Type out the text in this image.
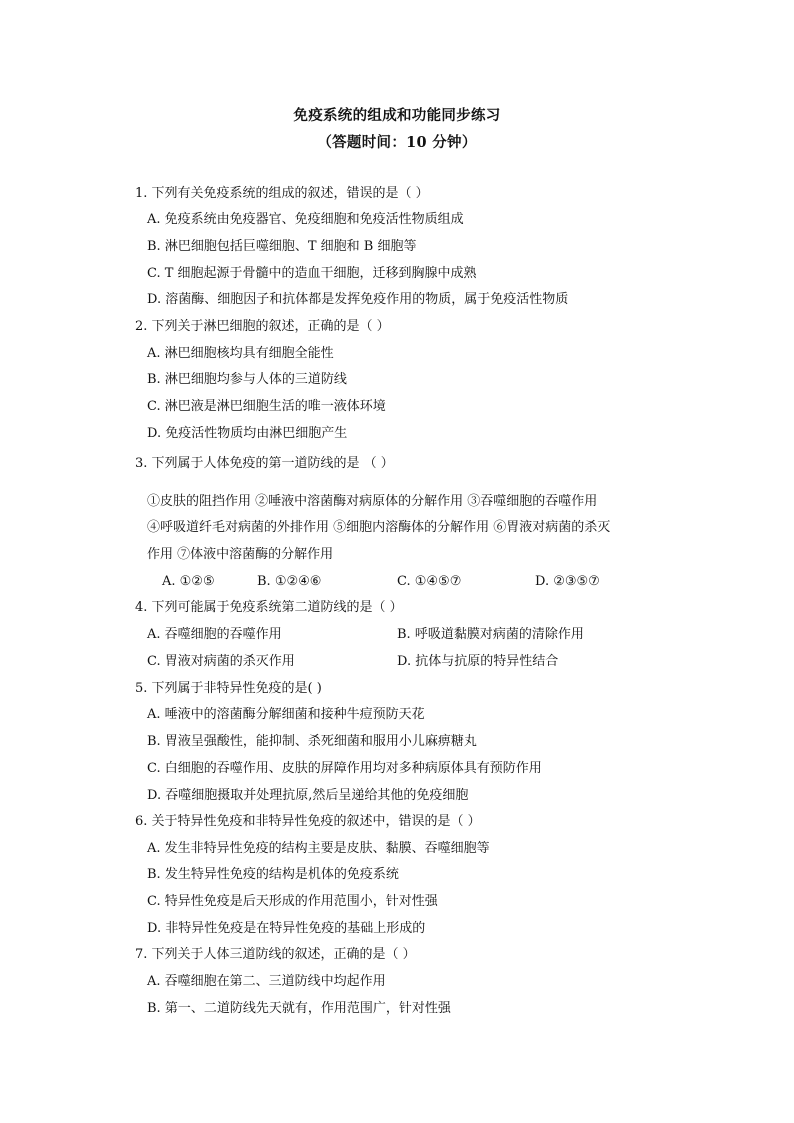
免疫系统的组成和功能同步练习
（答题时间：10 分钟）
1. 下列有关免疫系统的组成的叙述，错误的是（ ）
A. 免疫系统由免疫器官、免疫细胞和免疫活性物质组成
B. 淋巴细胞包括巨噬细胞、T 细胞和 B 细胞等
C. T 细胞起源于骨髓中的造血干细胞，迁移到胸腺中成熟
D. 溶菌酶、细胞因子和抗体都是发挥免疫作用的物质，属于免疫活性物质
2. 下列关于淋巴细胞的叙述，正确的是（ ）
A. 淋巴细胞核均具有细胞全能性
B. 淋巴细胞均参与人体的三道防线
C. 淋巴液是淋巴细胞生活的唯一液体环境
D. 免疫活性物质均由淋巴细胞产生
3. 下列属于人体免疫的第一道防线的是 （ ）
①皮肤的阻挡作用 ②唾液中溶菌酶对病原体的分解作用 ③吞噬细胞的吞噬作用
④呼吸道纤毛对病菌的外排作用 ⑤细胞内溶酶体的分解作用 ⑥胃液对病菌的杀灭
作用 ⑦体液中溶菌酶的分解作用
A. ①②⑤	B. ①②④⑥	C. ①④⑤⑦	D. ②③⑤⑦
4. 下列可能属于免疫系统第二道防线的是（ ）
A. 吞噬细胞的吞噬作用	B. 呼吸道黏膜对病菌的清除作用
C. 胃液对病菌的杀灭作用	D. 抗体与抗原的特异性结合
5. 下列属于非特异性免疫的是( )
A. 唾液中的溶菌酶分解细菌和接种牛痘预防天花
B. 胃液呈强酸性，能抑制、杀死细菌和服用小儿麻痹糖丸
C. 白细胞的吞噬作用、皮肤的屏障作用均对多种病原体具有预防作用
D. 吞噬细胞摄取并处理抗原,然后呈递给其他的免疫细胞
6. 关于特异性免疫和非特异性免疫的叙述中，错误的是（ ）
A. 发生非特异性免疫的结构主要是皮肤、黏膜、吞噬细胞等
B. 发生特异性免疫的结构是机体的免疫系统
C. 特异性免疫是后天形成的作用范围小，针对性强
D. 非特异性免疫是在特异性免疫的基础上形成的
7. 下列关于人体三道防线的叙述，正确的是（ ）
A. 吞噬细胞在第二、三道防线中均起作用
B. 第一、二道防线先天就有，作用范围广，针对性强
